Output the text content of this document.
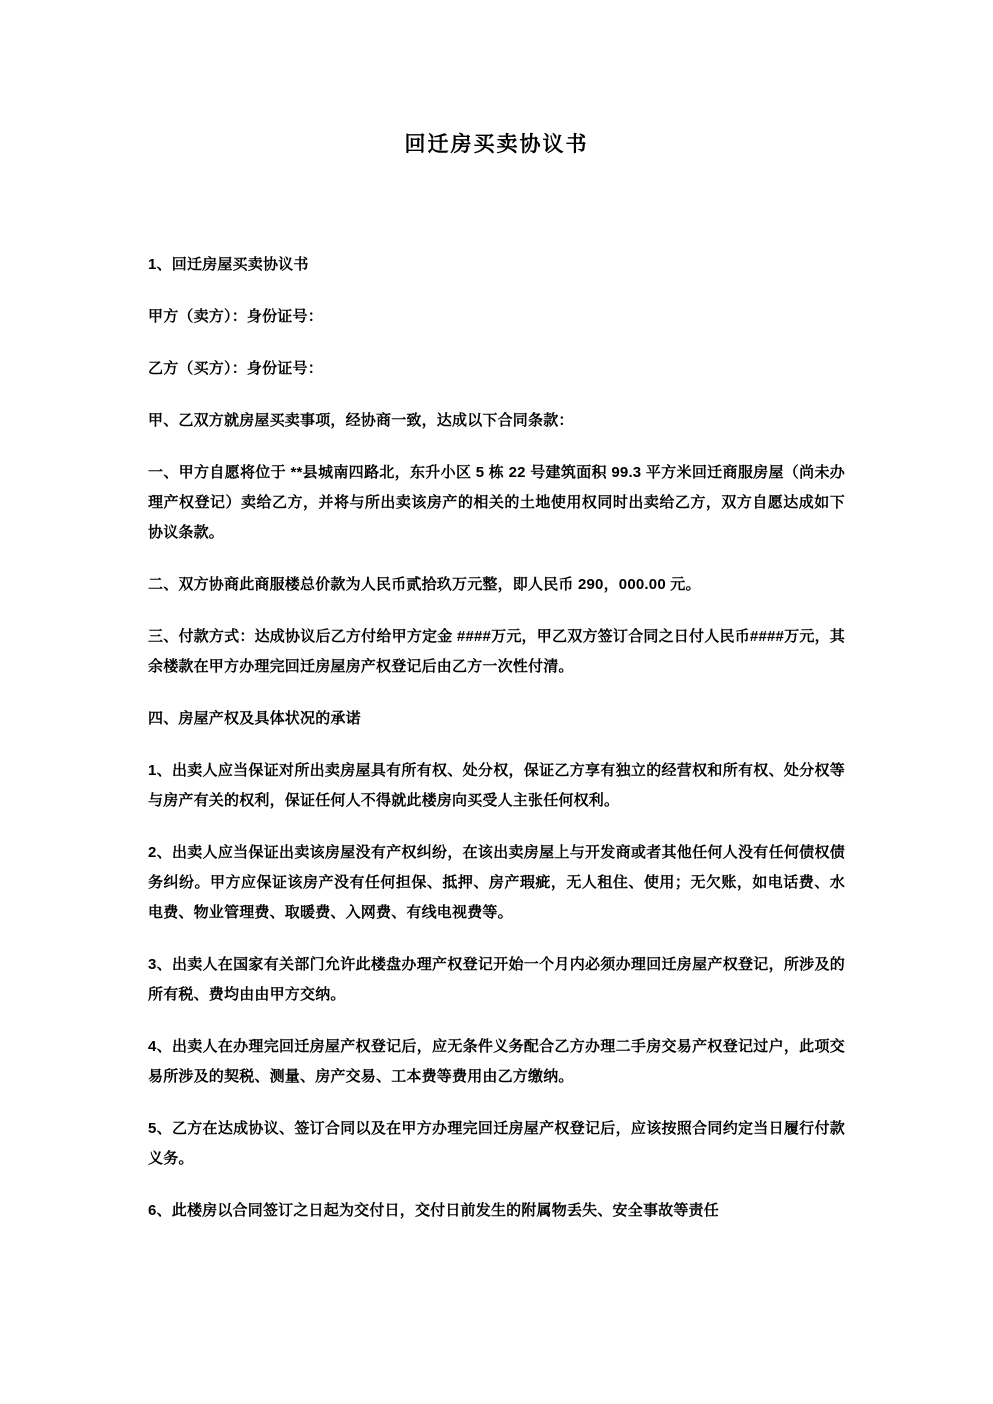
回迁房买卖协议书

1、回迁房屋买卖协议书

甲方（卖方）：身份证号：

乙方（买方）：身份证号：

甲、乙双方就房屋买卖事项，经协商一致，达成以下合同条款：

一、甲方自愿将位于 **县城南四路北，东升小区 5 栋 22 号建筑面积 99.3 平方米回迁商服房屋（尚未办理产权登记）卖给乙方，并将与所出卖该房产的相关的土地使用权同时出卖给乙方，双方自愿达成如下协议条款。

二、双方协商此商服楼总价款为人民币贰拾玖万元整，即人民币 290，000.00 元。

三、付款方式：达成协议后乙方付给甲方定金 ####万元，甲乙双方签订合同之日付人民币####万元，其余楼款在甲方办理完回迁房屋房产权登记后由乙方一次性付清。

四、房屋产权及具体状况的承诺

1、出卖人应当保证对所出卖房屋具有所有权、处分权，保证乙方享有独立的经营权和所有权、处分权等与房产有关的权利，保证任何人不得就此楼房向买受人主张任何权利。

2、出卖人应当保证出卖该房屋没有产权纠纷，在该出卖房屋上与开发商或者其他任何人没有任何债权债务纠纷。甲方应保证该房产没有任何担保、抵押、房产瑕疵，无人租住、使用；无欠账，如电话费、水电费、物业管理费、取暖费、入网费、有线电视费等。

3、出卖人在国家有关部门允许此楼盘办理产权登记开始一个月内必须办理回迁房屋产权登记，所涉及的所有税、费均由由甲方交纳。

4、出卖人在办理完回迁房屋产权登记后，应无条件义务配合乙方办理二手房交易产权登记过户，此项交易所涉及的契税、测量、房产交易、工本费等费用由乙方缴纳。

5、乙方在达成协议、签订合同以及在甲方办理完回迁房屋产权登记后，应该按照合同约定当日履行付款义务。

6、此楼房以合同签订之日起为交付日，交付日前发生的附属物丢失、安全事故等责任
